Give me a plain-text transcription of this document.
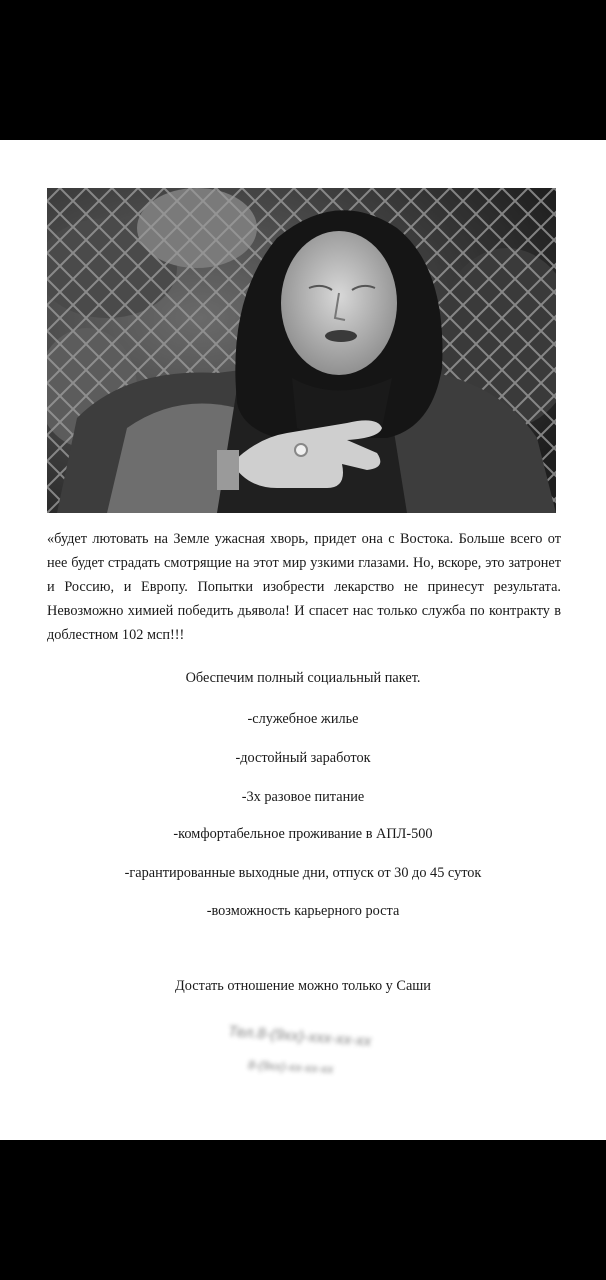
«будет лютовать на Земле ужасная хворь, придет она с Востока. Больше всего от нее будет страдать смотрящие на этот мир узкими глазами. Но, вскоре, это затронет и Россию, и Европу. Попытки изобрести лекарство не принесут результата. Невозможно химией победить дьявола! И спасет нас только служба по контракту в доблестном 102 мсп!!!

Обеспечим полный социальный пакет.

-служебное жилье

-достойный заработок

-3х разовое питание

-комфортабельное проживание в АПЛ-500

-гарантированные выходные дни, отпуск от 30 до 45 суток

-возможность карьерного роста

Достать отношение можно только у Саши

Тел.8-(9хх)-ххх-хх-хх
8-(9хх)-хх-хх-хх
